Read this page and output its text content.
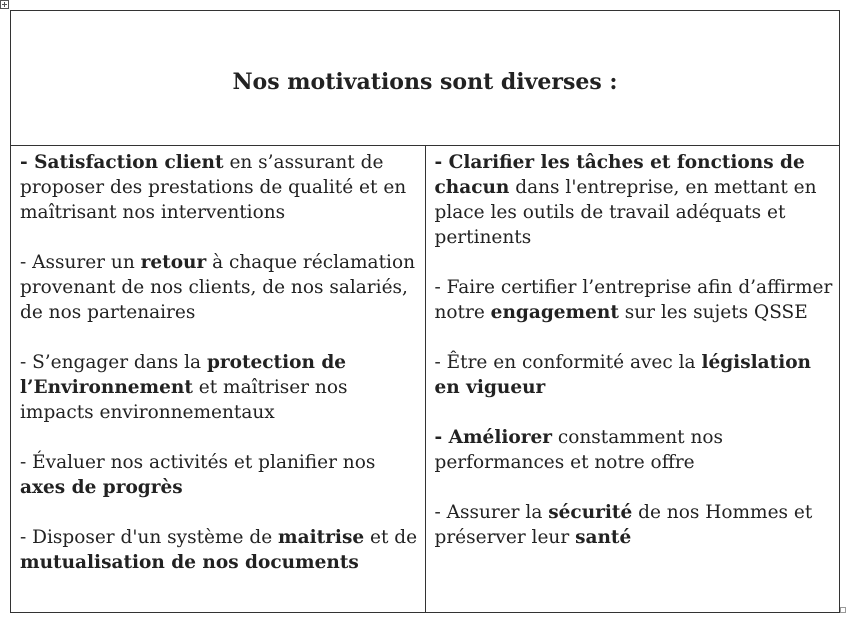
Nos motivations sont diverses :

- Satisfaction client en s’assurant de proposer des prestations de qualité et en maîtrisant nos interventions

- Assurer un retour à chaque réclamation provenant de nos clients, de nos salariés, de nos partenaires

- S’engager dans la protection de l’Environnement et maîtriser nos impacts environnementaux

- Évaluer nos activités et planifier nos axes de progrès

- Disposer d'un système de maitrise et de mutualisation de nos documents

- Clarifier les tâches et fonctions de chacun dans l'entreprise, en mettant en place les outils de travail adéquats et pertinents

- Faire certifier l’entreprise afin d’affirmer notre engagement sur les sujets QSSE

- Être en conformité avec la législation en vigueur

- Améliorer constamment nos performances et notre offre

- Assurer la sécurité de nos Hommes et préserver leur santé
